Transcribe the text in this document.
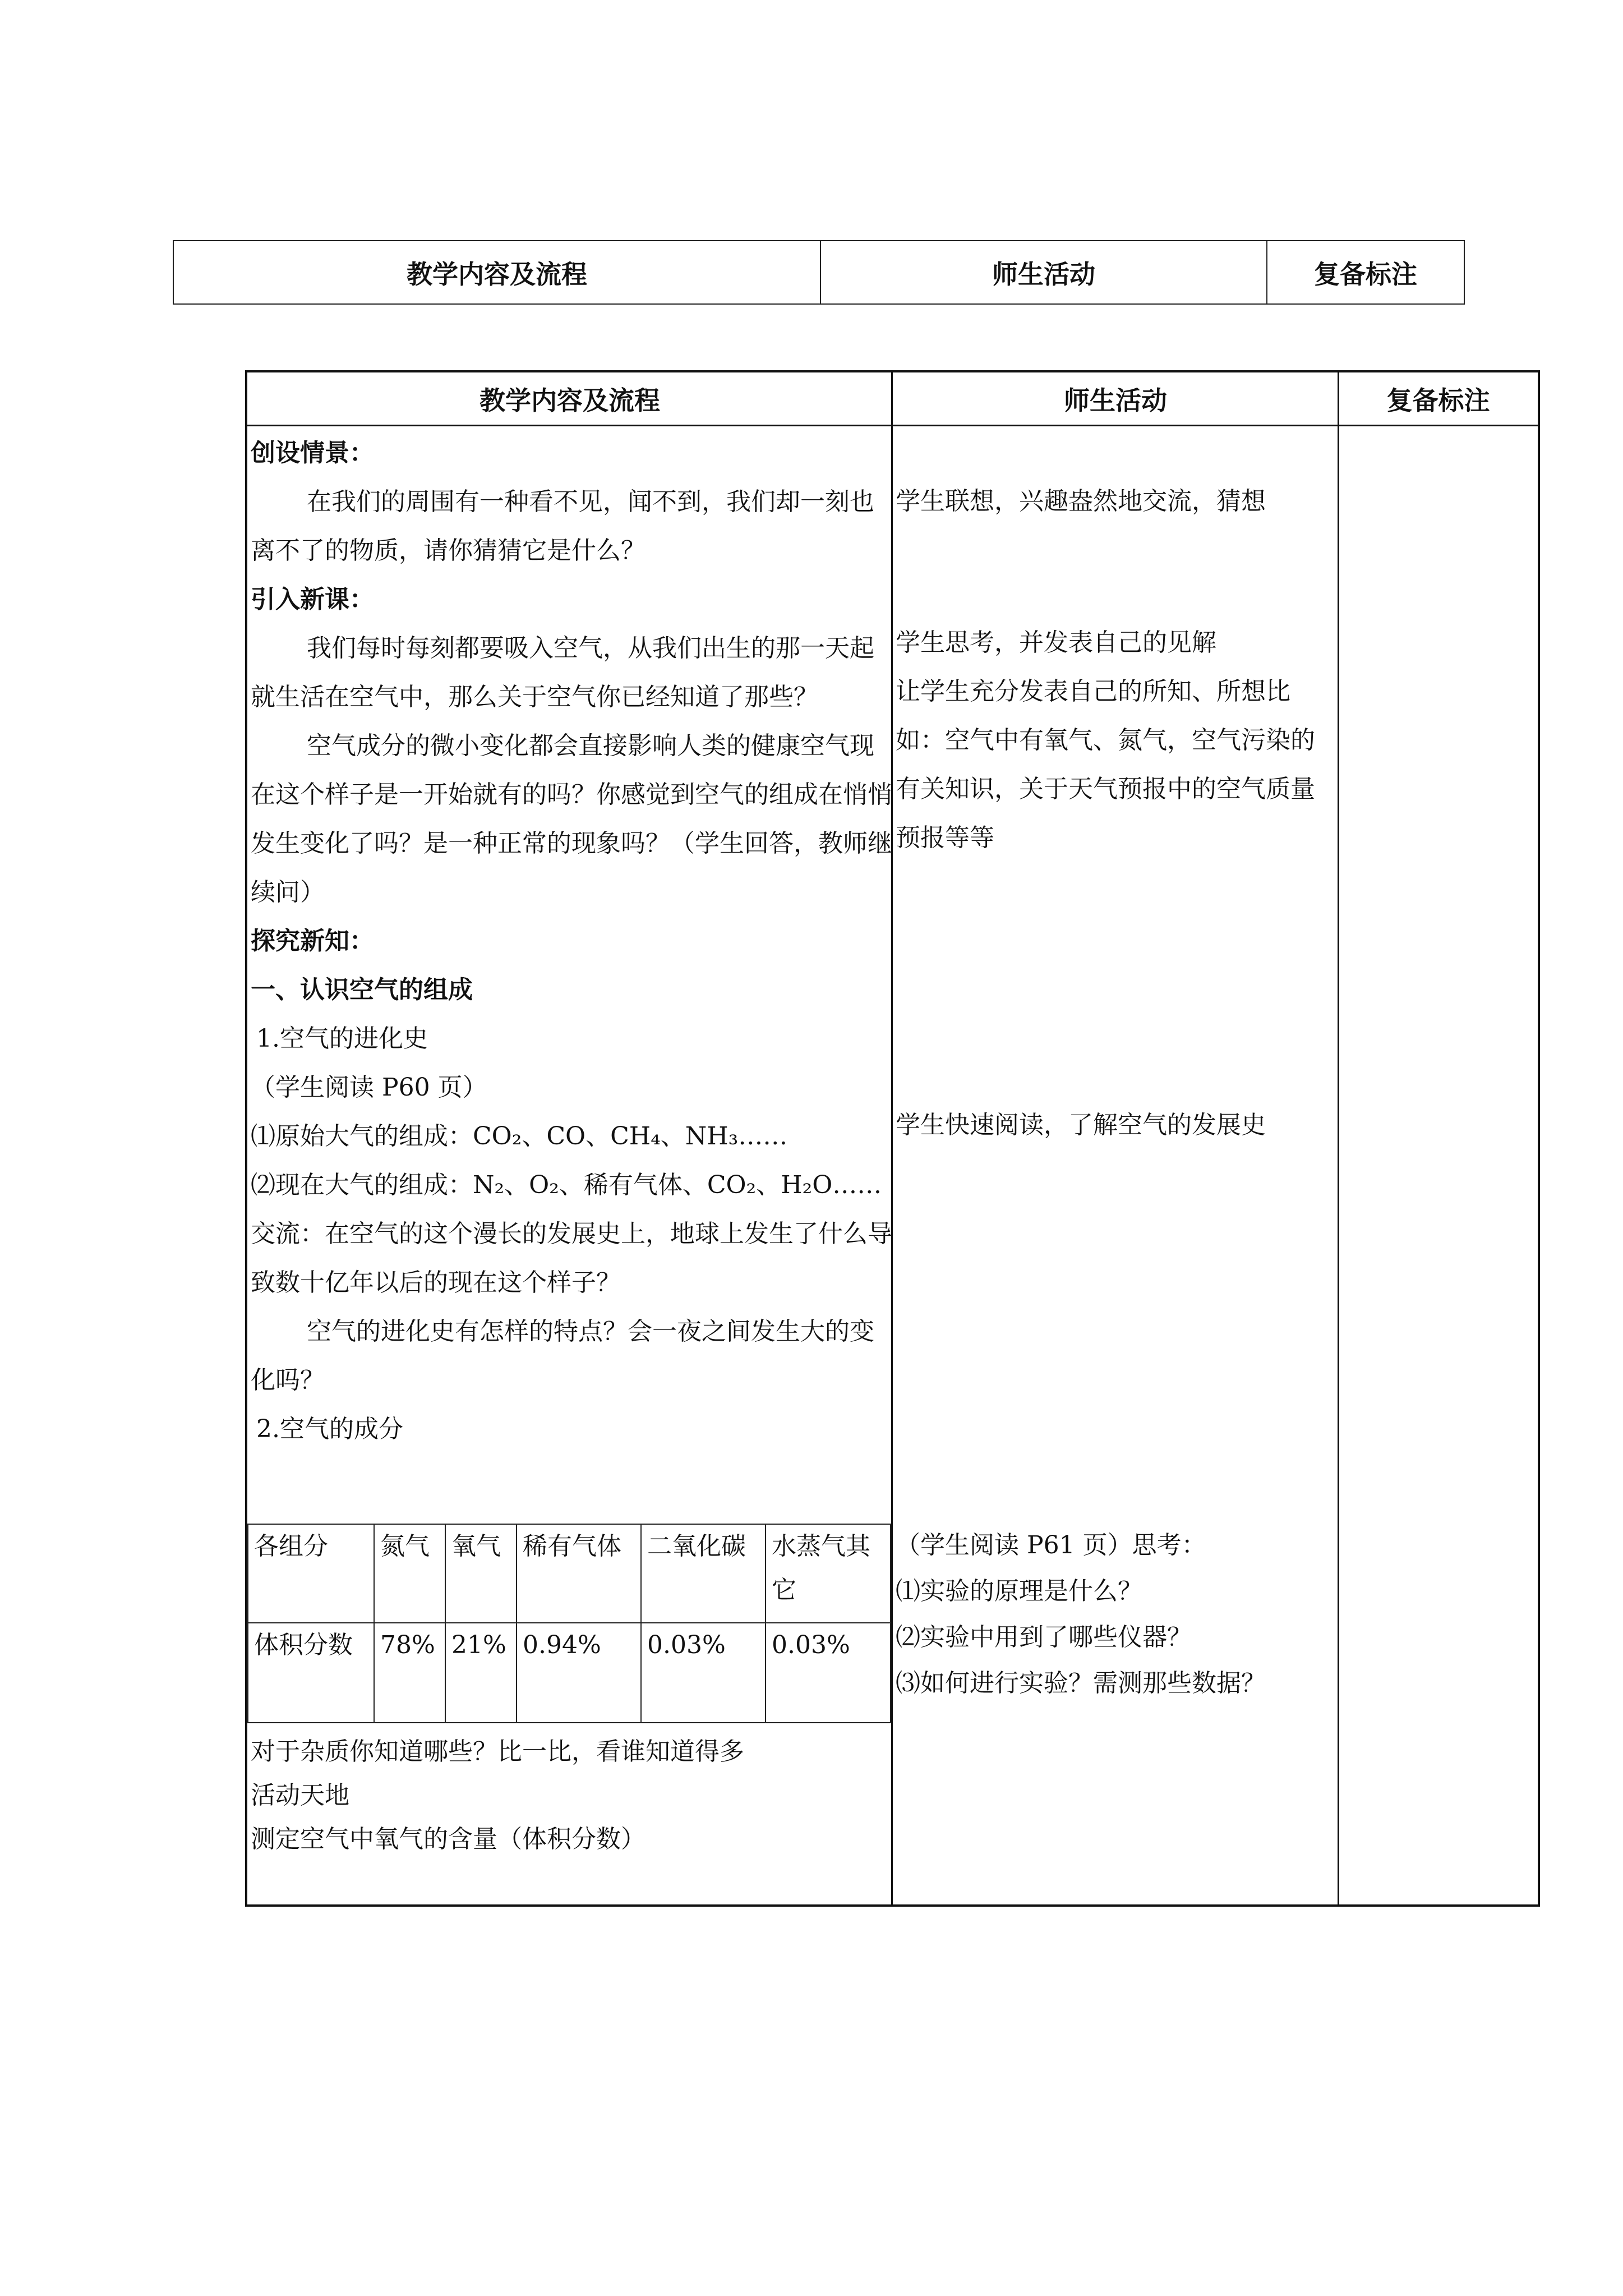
教学内容及流程	师生活动	复备标注
教学内容及流程	师生活动	复备标注

创设情景：

在我们的周围有一种看不见，闻不到，我们却一刻也离不了的物质，请你猜猜它是什么？

引入新课：

我们每时每刻都要吸入空气，从我们出生的那一天起就生活在空气中，那么关于空气你已经知道了那些？

空气成分的微小变化都会直接影响人类的健康空气现在这个样子是一开始就有的吗？你感觉到空气的组成在悄悄发生变化了吗？是一种正常的现象吗？（学生回答，教师继续问）

探究新知：

一、认识空气的组成

1.空气的进化史

（学生阅读 P60 页）

⑴原始大气的组成：CO₂、CO、CH₄、NH₃……

⑵现在大气的组成：N₂、O₂、稀有气体、CO₂、H₂O……

交流：在空气的这个漫长的发展史上，地球上发生了什么导致数十亿年以后的现在这个样子？

空气的进化史有怎样的特点？会一夜之间发生大的变化吗？

2.空气的成分

各组分	氮气	氧气	稀有气体	二氧化碳	水蒸气其它
体积分数	78%	21%	0.94%	0.03%	0.03%

对于杂质你知道哪些？比一比，看谁知道得多

活动天地

测定空气中氧气的含量（体积分数）

学生联想，兴趣盎然地交流，猜想

学生思考，并发表自己的见解

让学生充分发表自己的所知、所想比如：空气中有氧气、氮气，空气污染的有关知识，关于天气预报中的空气质量预报等等

学生快速阅读，了解空气的发展史

（学生阅读 P61 页）思考：

⑴实验的原理是什么？

⑵实验中用到了哪些仪器？

⑶如何进行实验？需测那些数据？
